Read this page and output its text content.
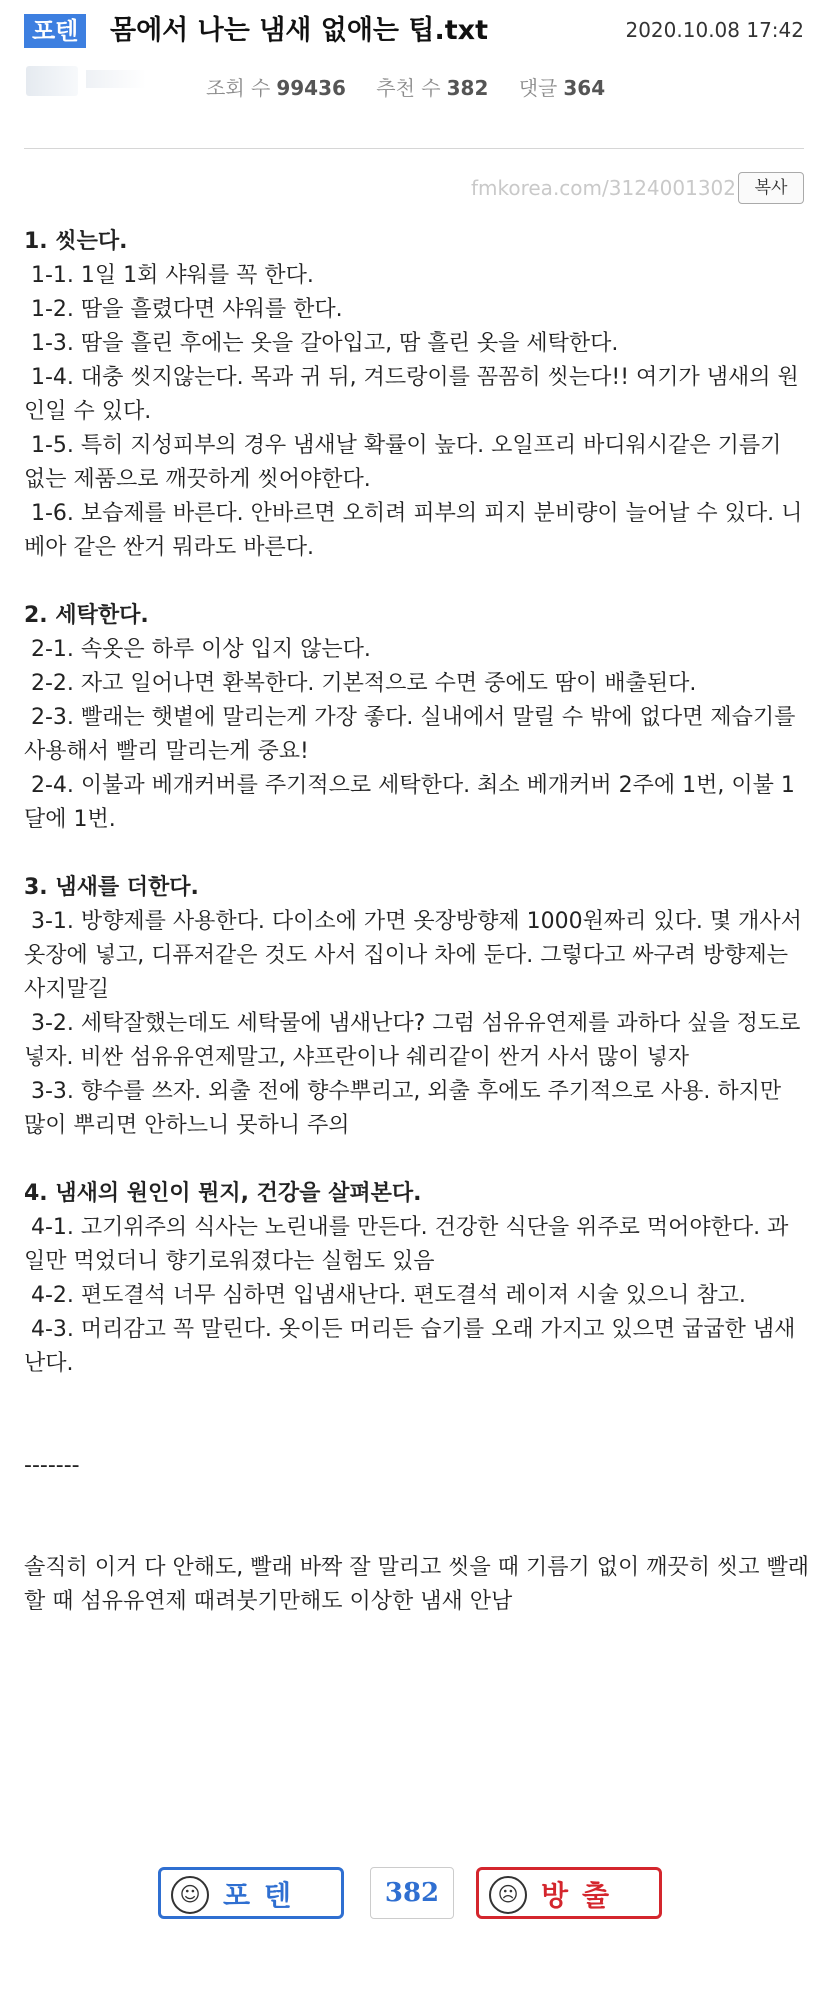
포텐 몸에서 나는 냄새 없애는 팁.txt	2020.10.08 17:42
조회 수 99436 추천 수 382 댓글 364
fmkorea.com/3124001302	복사

1. 씻는다.

1-1. 1일 1회 샤워를 꼭 한다.

1-2. 땀을 흘렸다면 샤워를 한다.

1-3. 땀을 흘린 후에는 옷을 갈아입고, 땀 흘린 옷을 세탁한다.

1-4. 대충 씻지않는다. 목과 귀 뒤, 겨드랑이를 꼼꼼히 씻는다!! 여기가 냄새의 원인일 수 있다.

1-5. 특히 지성피부의 경우 냄새날 확률이 높다. 오일프리 바디워시같은 기름기 없는 제품으로 깨끗하게 씻어야한다.

1-6. 보습제를 바른다. 안바르면 오히려 피부의 피지 분비량이 늘어날 수 있다. 니베아 같은 싼거 뭐라도 바른다.

2. 세탁한다.

2-1. 속옷은 하루 이상 입지 않는다.

2-2. 자고 일어나면 환복한다. 기본적으로 수면 중에도 땀이 배출된다.

2-3. 빨래는 햇볕에 말리는게 가장 좋다. 실내에서 말릴 수 밖에 없다면 제습기를 사용해서 빨리 말리는게 중요!

2-4. 이불과 베개커버를 주기적으로 세탁한다. 최소 베개커버 2주에 1번, 이불 1달에 1번.

3. 냄새를 더한다.

3-1. 방향제를 사용한다. 다이소에 가면 옷장방향제 1000원짜리 있다. 몇 개사서 옷장에 넣고, 디퓨저같은 것도 사서 집이나 차에 둔다. 그렇다고 싸구려 방향제는 사지말길

3-2. 세탁잘했는데도 세탁물에 냄새난다? 그럼 섬유유연제를 과하다 싶을 정도로 넣자. 비싼 섬유유연제말고, 샤프란이나 쉐리같이 싼거 사서 많이 넣자

3-3. 향수를 쓰자. 외출 전에 향수뿌리고, 외출 후에도 주기적으로 사용. 하지만 많이 뿌리면 안하느니 못하니 주의

4. 냄새의 원인이 뭔지, 건강을 살펴본다.

4-1. 고기위주의 식사는 노린내를 만든다. 건강한 식단을 위주로 먹어야한다. 과일만 먹었더니 향기로워졌다는 실험도 있음

4-2. 편도결석 너무 심하면 입냄새난다. 편도결석 레이져 시술 있으니 참고.

4-3. 머리감고 꼭 말린다. 옷이든 머리든 습기를 오래 가지고 있으면 굽굽한 냄새난다.

-------

솔직히 이거 다 안해도, 빨래 바짝 잘 말리고 씻을 때 기름기 없이 깨끗히 씻고 빨래할 때 섬유유연제 때려붓기만해도 이상한 냄새 안남

☺ 포텐	382	☹ 방출
